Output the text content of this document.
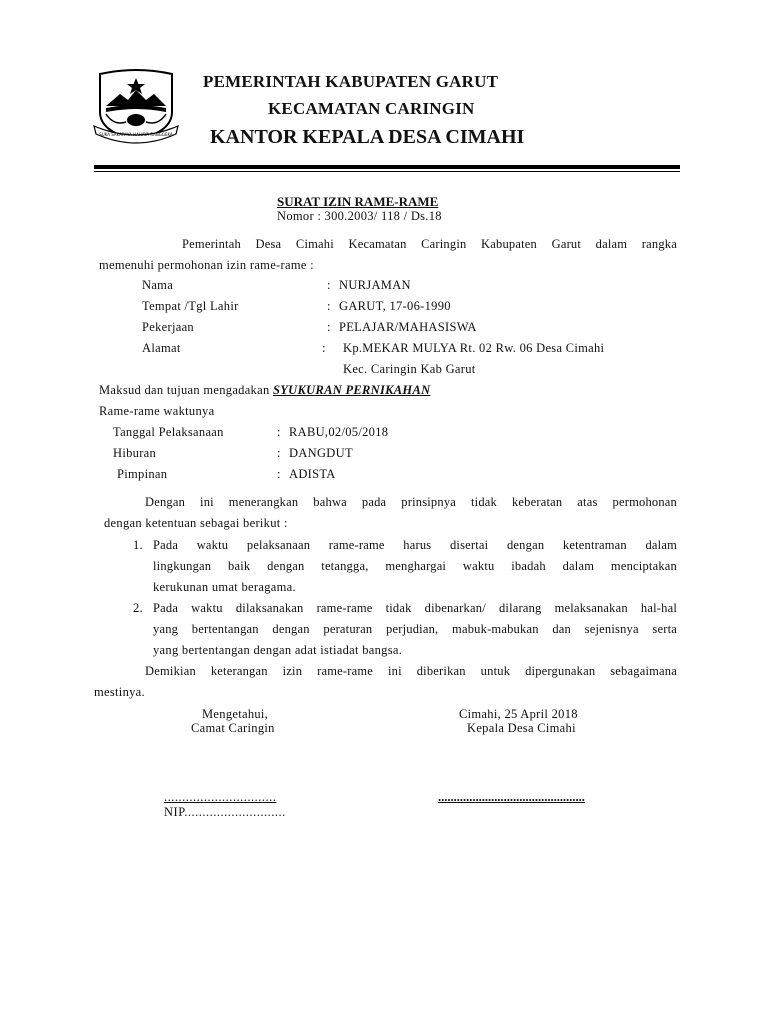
SUKA SAKARAYA HAHAYA RANGGEKA
PEMERINTAH KABUPATEN GARUT
KECAMATAN CARINGIN
KANTOR KEPALA DESA CIMAHI
SURAT IZIN RAME-RAME
Nomor : 300.2003/ 118 / Ds.18
Pemerintah Desa Cimahi Kecamatan Caringin Kabupaten Garut dalam rangka
memenuhi permohonan izin rame-rame :
Nama	: NURJAMAN
Tempat /Tgl Lahir	: GARUT, 17-06-1990
Pekerjaan	: PELAJAR/MAHASISWA
Alamat	: Kp.MEKAR MULYA Rt. 02 Rw. 06 Desa Cimahi
Kec. Caringin Kab Garut
Maksud dan tujuan mengadakan SYUKURAN PERNIKAHAN
Rame-rame waktunya
Tanggal Pelaksanaan	: RABU,02/05/2018
Hiburan	: DANGDUT
Pimpinan	: ADISTA
Dengan ini menerangkan bahwa pada prinsipnya tidak keberatan atas permohonan
dengan ketentuan sebagai berikut :
1. Pada waktu pelaksanaan rame-rame harus disertai dengan ketentraman dalam
lingkungan baik dengan tetangga, menghargai waktu ibadah dalam menciptakan
kerukunan umat beragama.
2. Pada waktu dilaksanakan rame-rame tidak dibenarkan/ dilarang melaksanakan hal-hal
yang bertentangan dengan peraturan perjudian, mabuk-mabukan dan sejenisnya serta
yang bertentangan dengan adat istiadat bangsa.
Demikian keterangan izin rame-rame ini diberikan untuk dipergunakan sebagaimana
mestinya.
Mengetahui,
Camat Caringin
Cimahi, 25 April 2018
Kepala Desa Cimahi
...............................	...............................................
NIP............................
